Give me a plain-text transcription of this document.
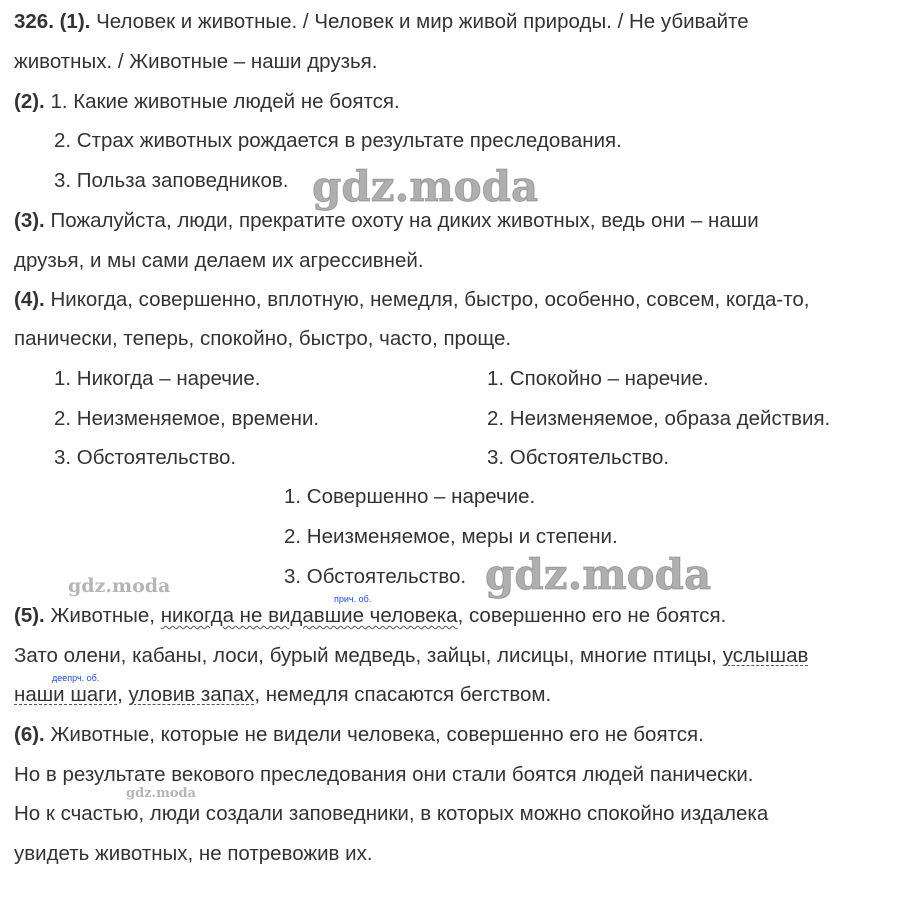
326. (1). Человек и животные. / Человек и мир живой природы. / Не убивайте
животных. / Животные – наши друзья.
(2). 1. Какие животные людей не боятся.
2. Страх животных рождается в результате преследования.
3. Польза заповедников.
(3). Пожалуйста, люди, прекратите охоту на диких животных, ведь они – наши
друзья, и мы сами делаем их агрессивней.
(4). Никогда, совершенно, вплотную, немедля, быстро, особенно, совсем, когда-то,
панически, теперь, спокойно, быстро, часто, проще.
1. Никогда – наречие.
2. Неизменяемое, времени.
3. Обстоятельство.
1. Спокойно – наречие.
2. Неизменяемое, образа действия.
3. Обстоятельство.
1. Совершенно – наречие.
2. Неизменяемое, меры и степени.
3. Обстоятельство.
прич. об.
(5). Животные, никогда не видавшие человека, совершенно его не боятся.
Зато олени, кабаны, лоси, бурый медведь, зайцы, лисицы, многие птицы, услышав
деепрч. об.
наши шаги, уловив запах, немедля спасаются бегством.
(6). Животные, которые не видели человека, совершенно его не боятся.
Но в результате векового преследования они стали боятся людей панически.
Но к счастью, люди создали заповедники, в которых можно спокойно издалека
увидеть животных, не потревожив их.
gdz.moda
gdz.moda
gdz.moda
gdz.moda
